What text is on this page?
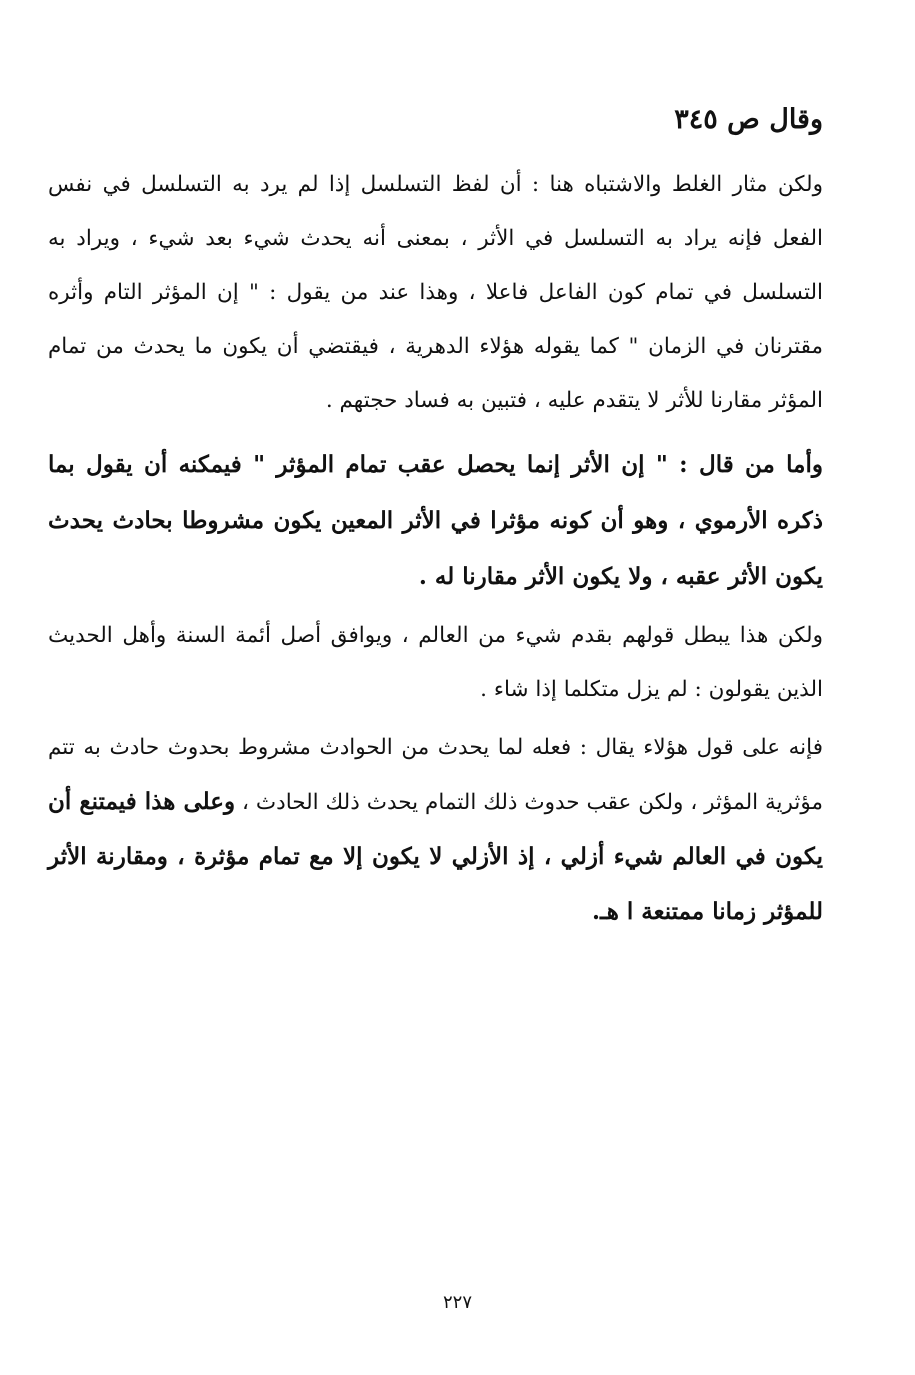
وقال ص ٣٤٥

ولكن مثار الغلط والاشتباه هنا : أن لفظ التسلسل إذا لم يرد به التسلسل في نفس الفعل فإنه يراد به التسلسل في الأثر ، بمعنى أنه يحدث شيء بعد شيء ، ويراد به التسلسل في تمام كون الفاعل فاعلا ، وهذا عند من يقول : " إن المؤثر التام وأثره مقترنان في الزمان " كما يقوله هؤلاء الدهرية ، فيقتضي أن يكون ما يحدث من تمام المؤثر مقارنا للأثر لا يتقدم عليه ، فتبين به فساد حجتهم .

وأما من قال : " إن الأثر إنما يحصل عقب تمام المؤثر " فيمكنه أن يقول بما ذكره الأرموي ، وهو أن كونه مؤثرا في الأثر المعين يكون مشروطا بحادث يحدث يكون الأثر عقبه ، ولا يكون الأثر مقارنا له .

ولكن هذا يبطل قولهم بقدم شيء من العالم ، ويوافق أصل أئمة السنة وأهل الحديث الذين يقولون : لم يزل متكلما إذا شاء .

فإنه على قول هؤلاء يقال : فعله لما يحدث من الحوادث مشروط بحدوث حادث به تتم مؤثرية المؤثر ، ولكن عقب حدوث ذلك التمام يحدث ذلك الحادث ، وعلى هذا فيمتنع أن يكون في العالم شيء أزلي ، إذ الأزلي لا يكون إلا مع تمام مؤثرة ، ومقارنة الأثر للمؤثر زمانا ممتنعة ا هـ.

٢٢٧
